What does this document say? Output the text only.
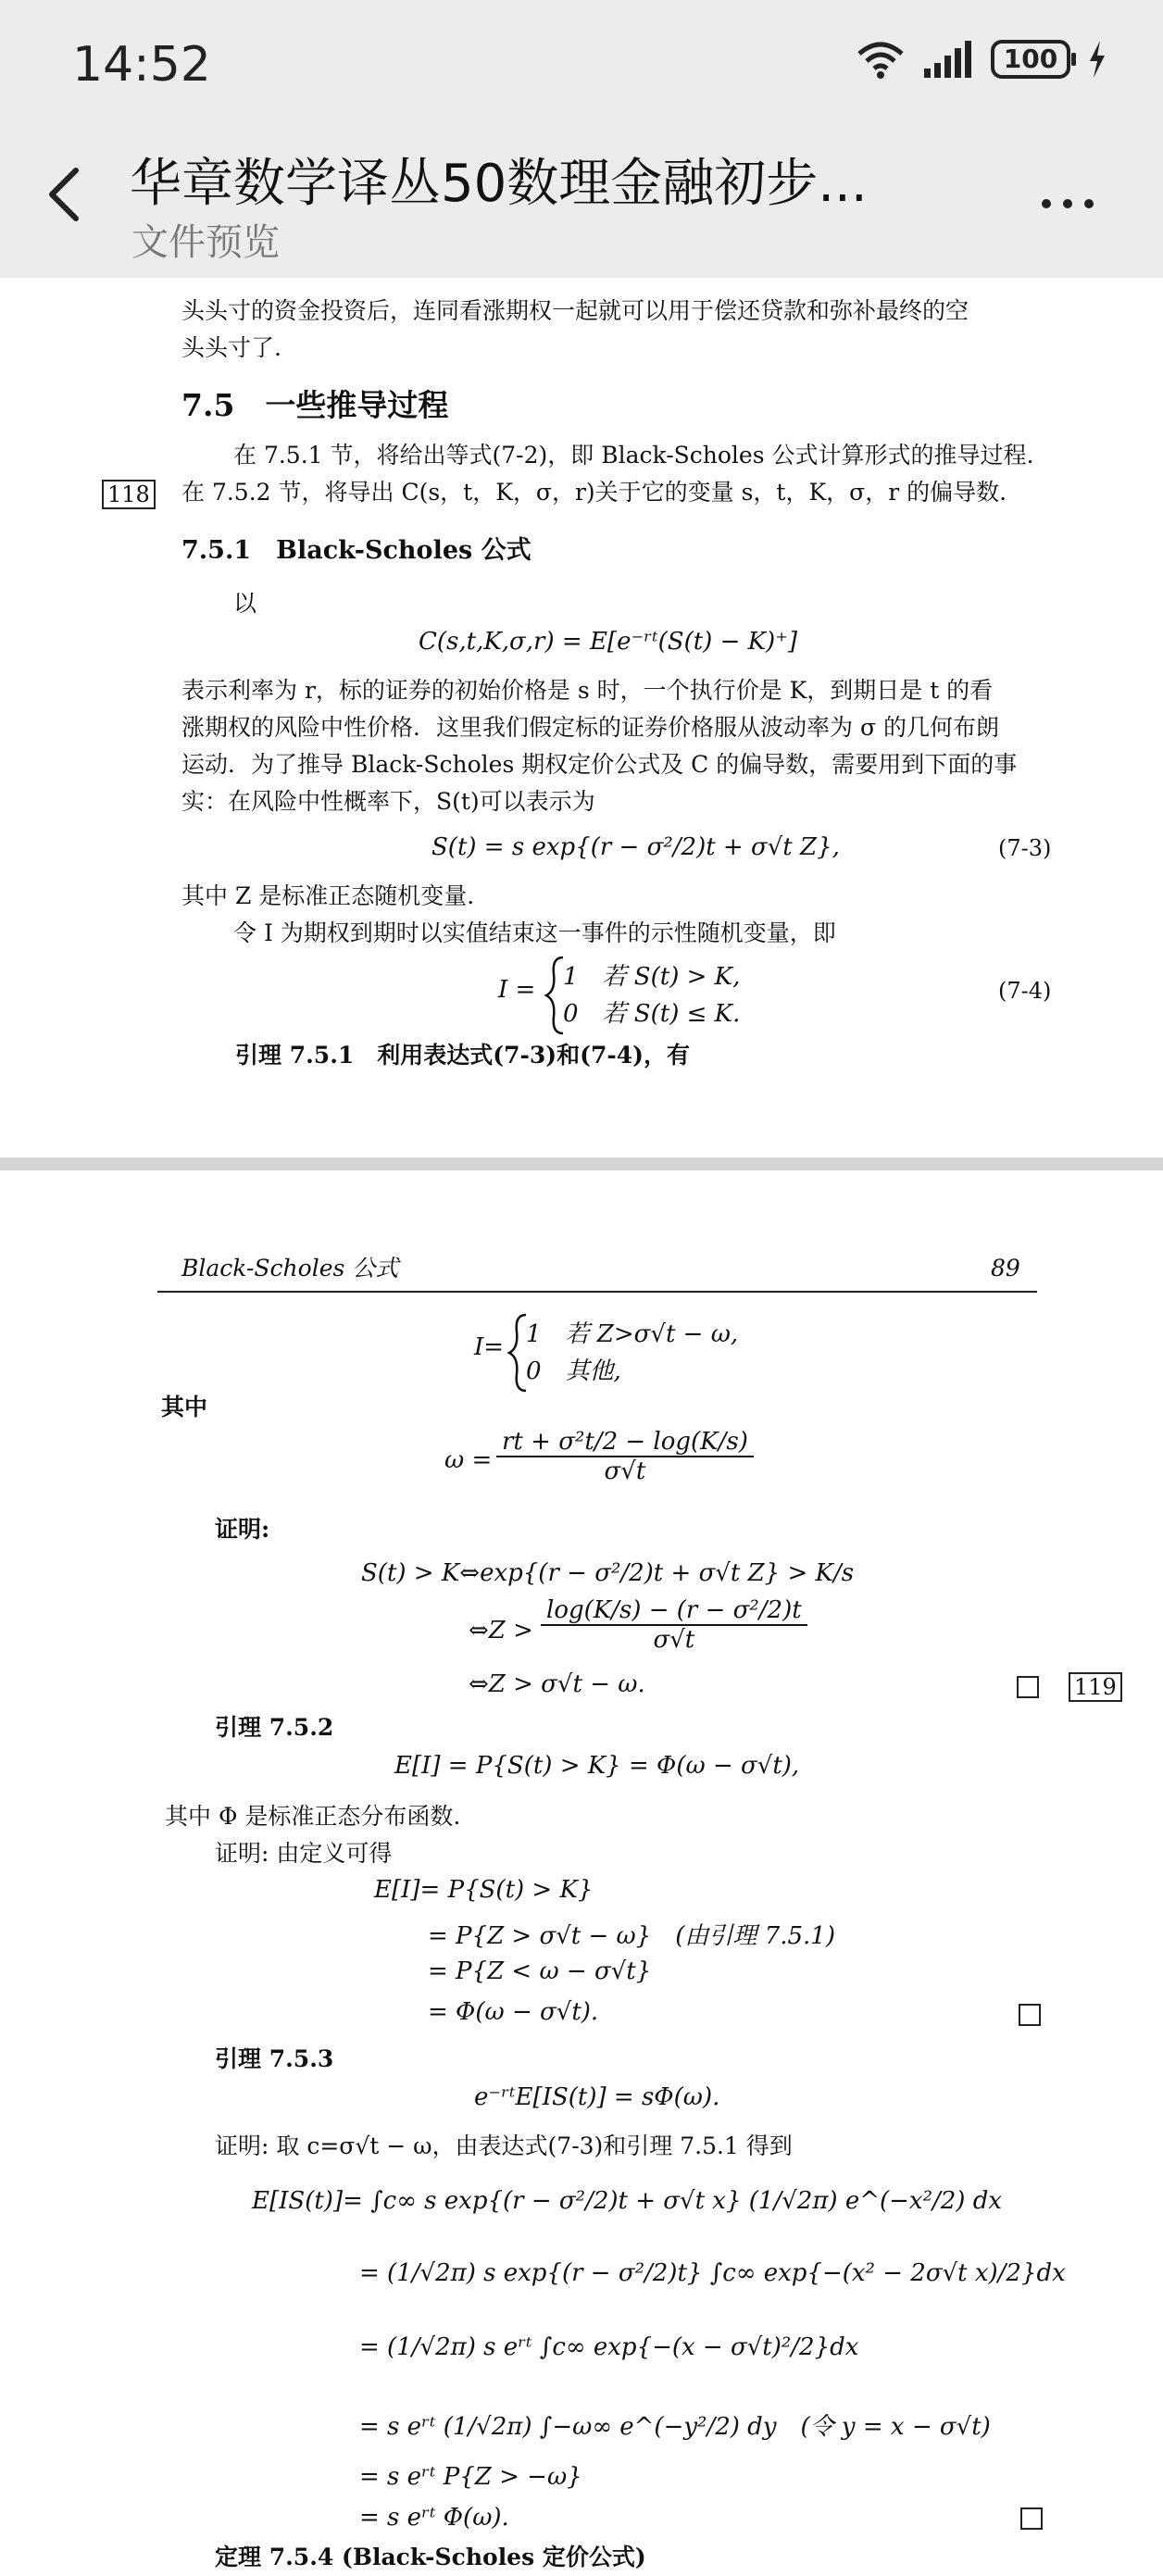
14:52	100
华章数学译丛50数理金融初步...
文件预览
头头寸的资金投资后，连同看涨期权一起就可以用于偿还贷款和弥补最终的空
头头寸了.
7.5　一些推导过程
在 7.5.1 节，将给出等式(7-2)，即 Black-Scholes 公式计算形式的推导过程.
118 在 7.5.2 节，将导出 C(s，t，K，σ，r)关于它的变量 s，t，K，σ，r 的偏导数.
7.5.1　Black-Scholes 公式
以
C(s,t,K,σ,r) = E[e⁻ʳᵗ(S(t) − K)⁺]
表示利率为 r，标的证券的初始价格是 s 时，一个执行价是 K，到期日是 t 的看
涨期权的风险中性价格．这里我们假定标的证券价格服从波动率为 σ 的几何布朗
运动．为了推导 Black-Scholes 期权定价公式及 C 的偏导数，需要用到下面的事
实：在风险中性概率下，S(t)可以表示为
S(t) = s exp{(r − σ²/2)t + σ√t Z},	(7-3)
其中 Z 是标准正态随机变量.
令 I 为期权到期时以实值结束这一事件的示性随机变量，即
I = 1　若 S(t) > K,
0　若 S(t) ≤ K.
(7-4)
引理 7.5.1　利用表达式(7-3)和(7-4)，有
Black-Scholes 公式	89
I= 1　若 Z>σ√t − ω,
0　其他,
其中
$\omega = \frac{\text{rt + σ²t/2 − log(K/s)}}{\sigma√t}$
证明:
S(t) > K⇔exp{(r − σ²/2)t + σ√t Z} > K/s
⇔Z > $\frac{\text{log(K/s) − (r − σ²/2)t}}{\sigma√t}$
⇔Z > σ√t − ω.	119
引理 7.5.2
E[I] = P{S(t) > K} = Φ(ω − σ√t),
其中 Φ 是标准正态分布函数.
证明: 由定义可得
E[I]= P{S(t) > K}
= P{Z > σ√t − ω}　(由引理 7.5.1)
= P{Z < ω − σ√t}
= Φ(ω − σ√t).
引理 7.5.3
e⁻ʳᵗE[IS(t)] = sΦ(ω).
证明: 取 c=σ√t − ω，由表达式(7-3)和引理 7.5.1 得到
E[IS(t)]= ∫c∞ s exp{(r − σ²/2)t + σ√t x} (1/√2π) e^(−x²/2) dx
= (1/√2π) s exp{(r − σ²/2)t} ∫c∞ exp{−(x² − 2σ√t x)/2}dx
= (1/√2π) s eʳᵗ ∫c∞ exp{−(x − σ√t)²/2}dx
= s eʳᵗ (1/√2π) ∫−ω∞ e^(−y²/2) dy　(令 y = x − σ√t)
= s eʳᵗ P{Z > −ω}
= s eʳᵗ Φ(ω).
定理 7.5.4 (Black-Scholes 定价公式)
